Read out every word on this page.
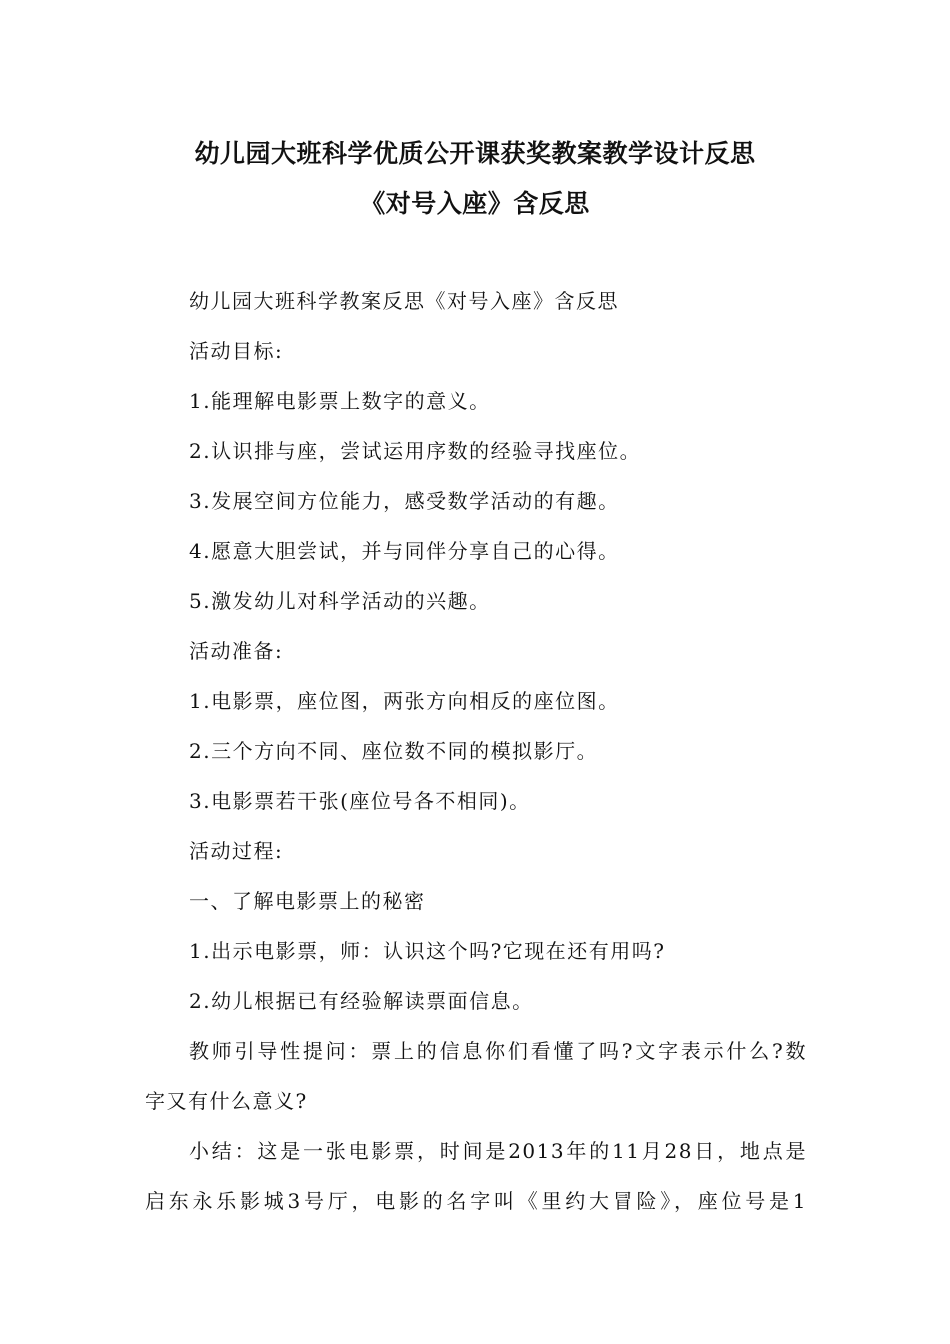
幼儿园大班科学优质公开课获奖教案教学设计反思
《对号入座》含反思
幼儿园大班科学教案反思《对号入座》含反思
活动目标:
1.能理解电影票上数字的意义。
2.认识排与座，尝试运用序数的经验寻找座位。
3.发展空间方位能力，感受数学活动的有趣。
4.愿意大胆尝试，并与同伴分享自己的心得。
5.激发幼儿对科学活动的兴趣。
活动准备:
1.电影票，座位图，两张方向相反的座位图。
2.三个方向不同、座位数不同的模拟影厅。
3.电影票若干张(座位号各不相同)。
活动过程:
一、了解电影票上的秘密
1.出示电影票，师：认识这个吗?它现在还有用吗?
2.幼儿根据已有经验解读票面信息。
教师引导性提问：票上的信息你们看懂了吗?文字表示什么?数
字又有什么意义?
小结：这是一张电影票，时间是2013年的11月28日，地点是
启东永乐影城3号厅，电影的名字叫《里约大冒险》，座位号是1
